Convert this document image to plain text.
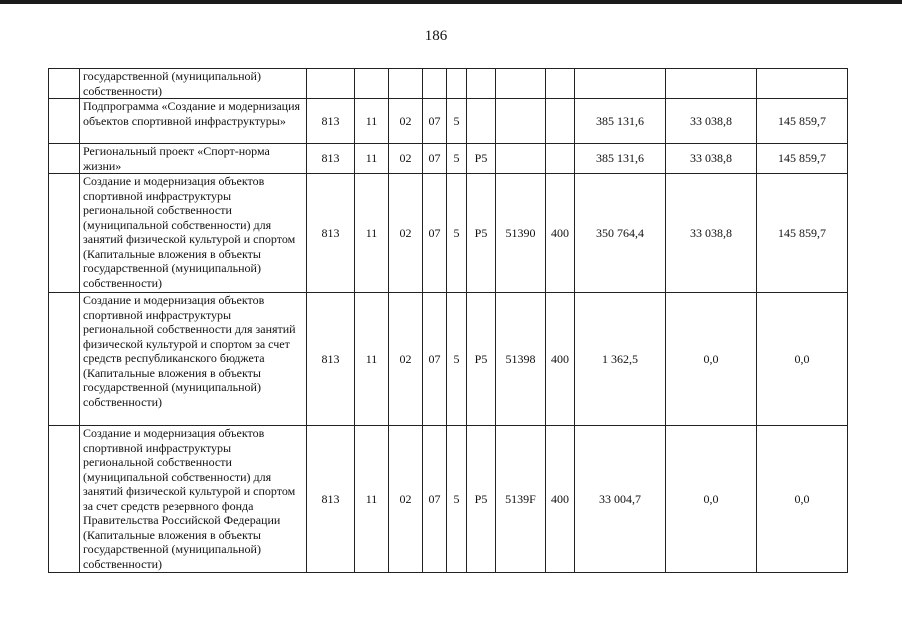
186
	государственной (муниципальной) собственности)											
	Подпрограмма «Создание и модернизация объектов спортивной инфраструктуры»	813	11	02	07	5				385 131,6	33 038,8	145 859,7
	Региональный проект «Спорт-норма жизни»	813	11	02	07	5	P5			385 131,6	33 038,8	145 859,7
	Создание и модернизация объектов спортивной инфраструктуры региональной собственности (муниципальной собственности) для занятий физической культурой и спортом (Капитальные вложения в объекты государственной (муниципальной) собственности)	813	11	02	07	5	P5	51390	400	350 764,4	33 038,8	145 859,7
	Создание и модернизация объектов спортивной инфраструктуры региональной собственности для занятий физической культурой и спортом за счет средств республиканского бюджета (Капитальные вложения в объекты государственной (муниципальной) собственности)	813	11	02	07	5	P5	51398	400	1 362,5	0,0	0,0
	Создание и модернизация объектов спортивной инфраструктуры региональной собственности (муниципальной собственности) для занятий физической культурой и спортом за счет средств резервного фонда Правительства Российской Федерации (Капитальные вложения в объекты государственной (муниципальной) собственности)	813	11	02	07	5	P5	5139F	400	33 004,7	0,0	0,0
